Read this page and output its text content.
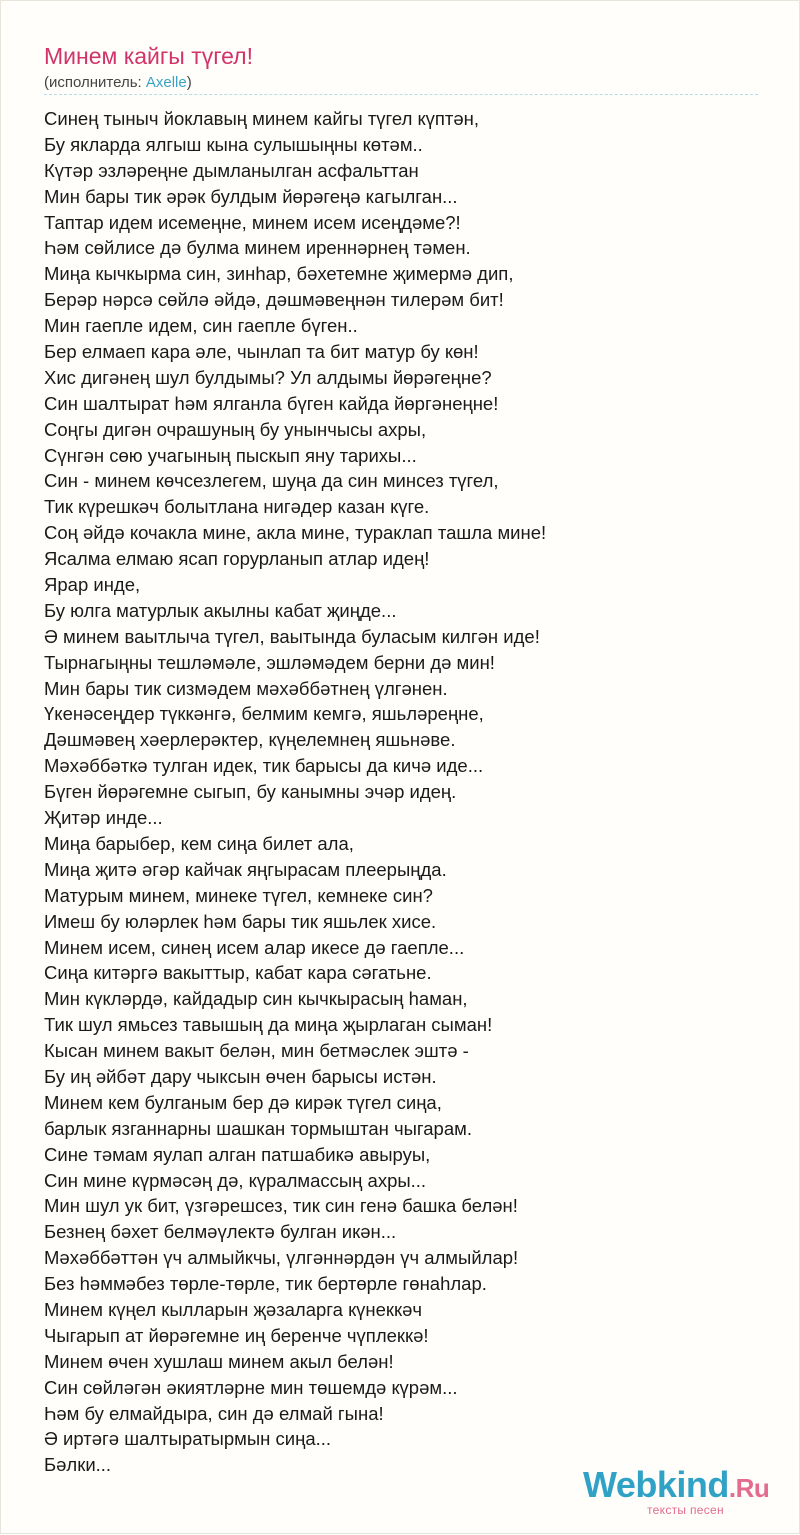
Минем кайгы түгел!
(исполнитель: Axelle)
Синең тыныч йоклавың минем кайгы түгел күптән,
Бу якларда ялгыш кына сулышыңны көтәм..
Күтәр эзләреңне дымланылган асфальттан
Мин бары тик әрәк булдым йөрәгеңә кагылган...
Таптар идем исемеңне, минем исем исеңдәме?!
Һәм сөйлисе дә булма минем иреннәрнең тәмен.
Миңа кычкырма син, зинһар, бәхетемне җимермә дип,
Берәр нәрсә сөйлә әйдә, дәшмәвеңнән тилерәм бит!
Мин гаепле идем, син гаепле бүген..
Бер елмаеп кара әле, чынлап та бит матур бу көн!
Хис дигәнең шул булдымы? Ул алдымы йөрәгеңне?
Син шалтырат һәм ялганла бүген кайда йөргәнеңне!
Соңгы дигән очрашуның бу унынчысы ахры,
Сүнгән сөю учагының пыскып яну тарихы...
Син - минем көчсезлегем, шуңа да син минсез түгел,
Тик күрешкәч болытлана нигәдер казан күге.
Соң әйдә кочакла мине, акла мине, тураклап ташла мине!
Ясалма елмаю ясап горурланып атлар идең!
Ярар инде,
Бу юлга матурлык акылны кабат җиңде...
Ә минем ваытлыча түгел, ваытында буласым килгән иде!
Тырнагыңны тешләмәле, эшләмәдем берни дә мин!
Мин бары тик сизмәдем мәхәббәтнең үлгәнен.
Үкенәсеңдер түккәнгә, белмим кемгә, яшьләреңне,
Дәшмәвең хәерлерәктер, күңелемнең яшьнәве.
Мәхәббәткә тулган идек, тик барысы да кичә иде...
Бүген йөрәгемне сыгып, бу канымны эчәр идең.
Җитәр инде...
Миңа барыбер, кем сиңа билет ала,
Миңа җитә әгәр кайчак яңгырасам плеерыңда.
Матурым минем, минеке түгел, кемнеке син?
Имеш бу юләрлек һәм бары тик яшьлек хисе.
Минем исем, синең исем алар икесе дә гаепле...
Сиңа китәргә вакыттыр, кабат кара сәгатьне.
Мин күкләрдә, кайдадыр син кычкырасың һаман,
Тик шул ямьсез тавышың да миңа җырлаган сыман!
Кысан минем вакыт белән, мин бетмәслек эштә -
Бу иң әйбәт дару чыксын өчен барысы истән.
Минем кем булганым бер дә кирәк түгел сиңа,
барлык язганнарны шашкан тормыштан чыгарам.
Сине тәмам яулап алган патшабикә авыруы,
Син мине күрмәсәң дә, күралмассың ахры...
Мин шул ук бит, үзгәрешсез, тик син генә башка белән!
Безнең бәхет белмәүлектә булган икән...
Мәхәббәттән үч алмыйкчы, үлгәннәрдән үч алмыйлар!
Без һәммәбез төрле-төрле, тик бертөрле гөнаһлар.
Минем күңел кылларын җәзаларга күнеккәч
Чыгарып ат йөрәгемне иң беренче чүплеккә!
Минем өчен хушлаш минем акыл белән!
Син сөйләгән әкиятләрне мин төшемдә күрәм...
Һәм бу елмайдыра, син дә елмай гына!
Ә иртәгә шалтыратырмын сиңа...
Бәлки...	Webkind.Ru
тексты песен
